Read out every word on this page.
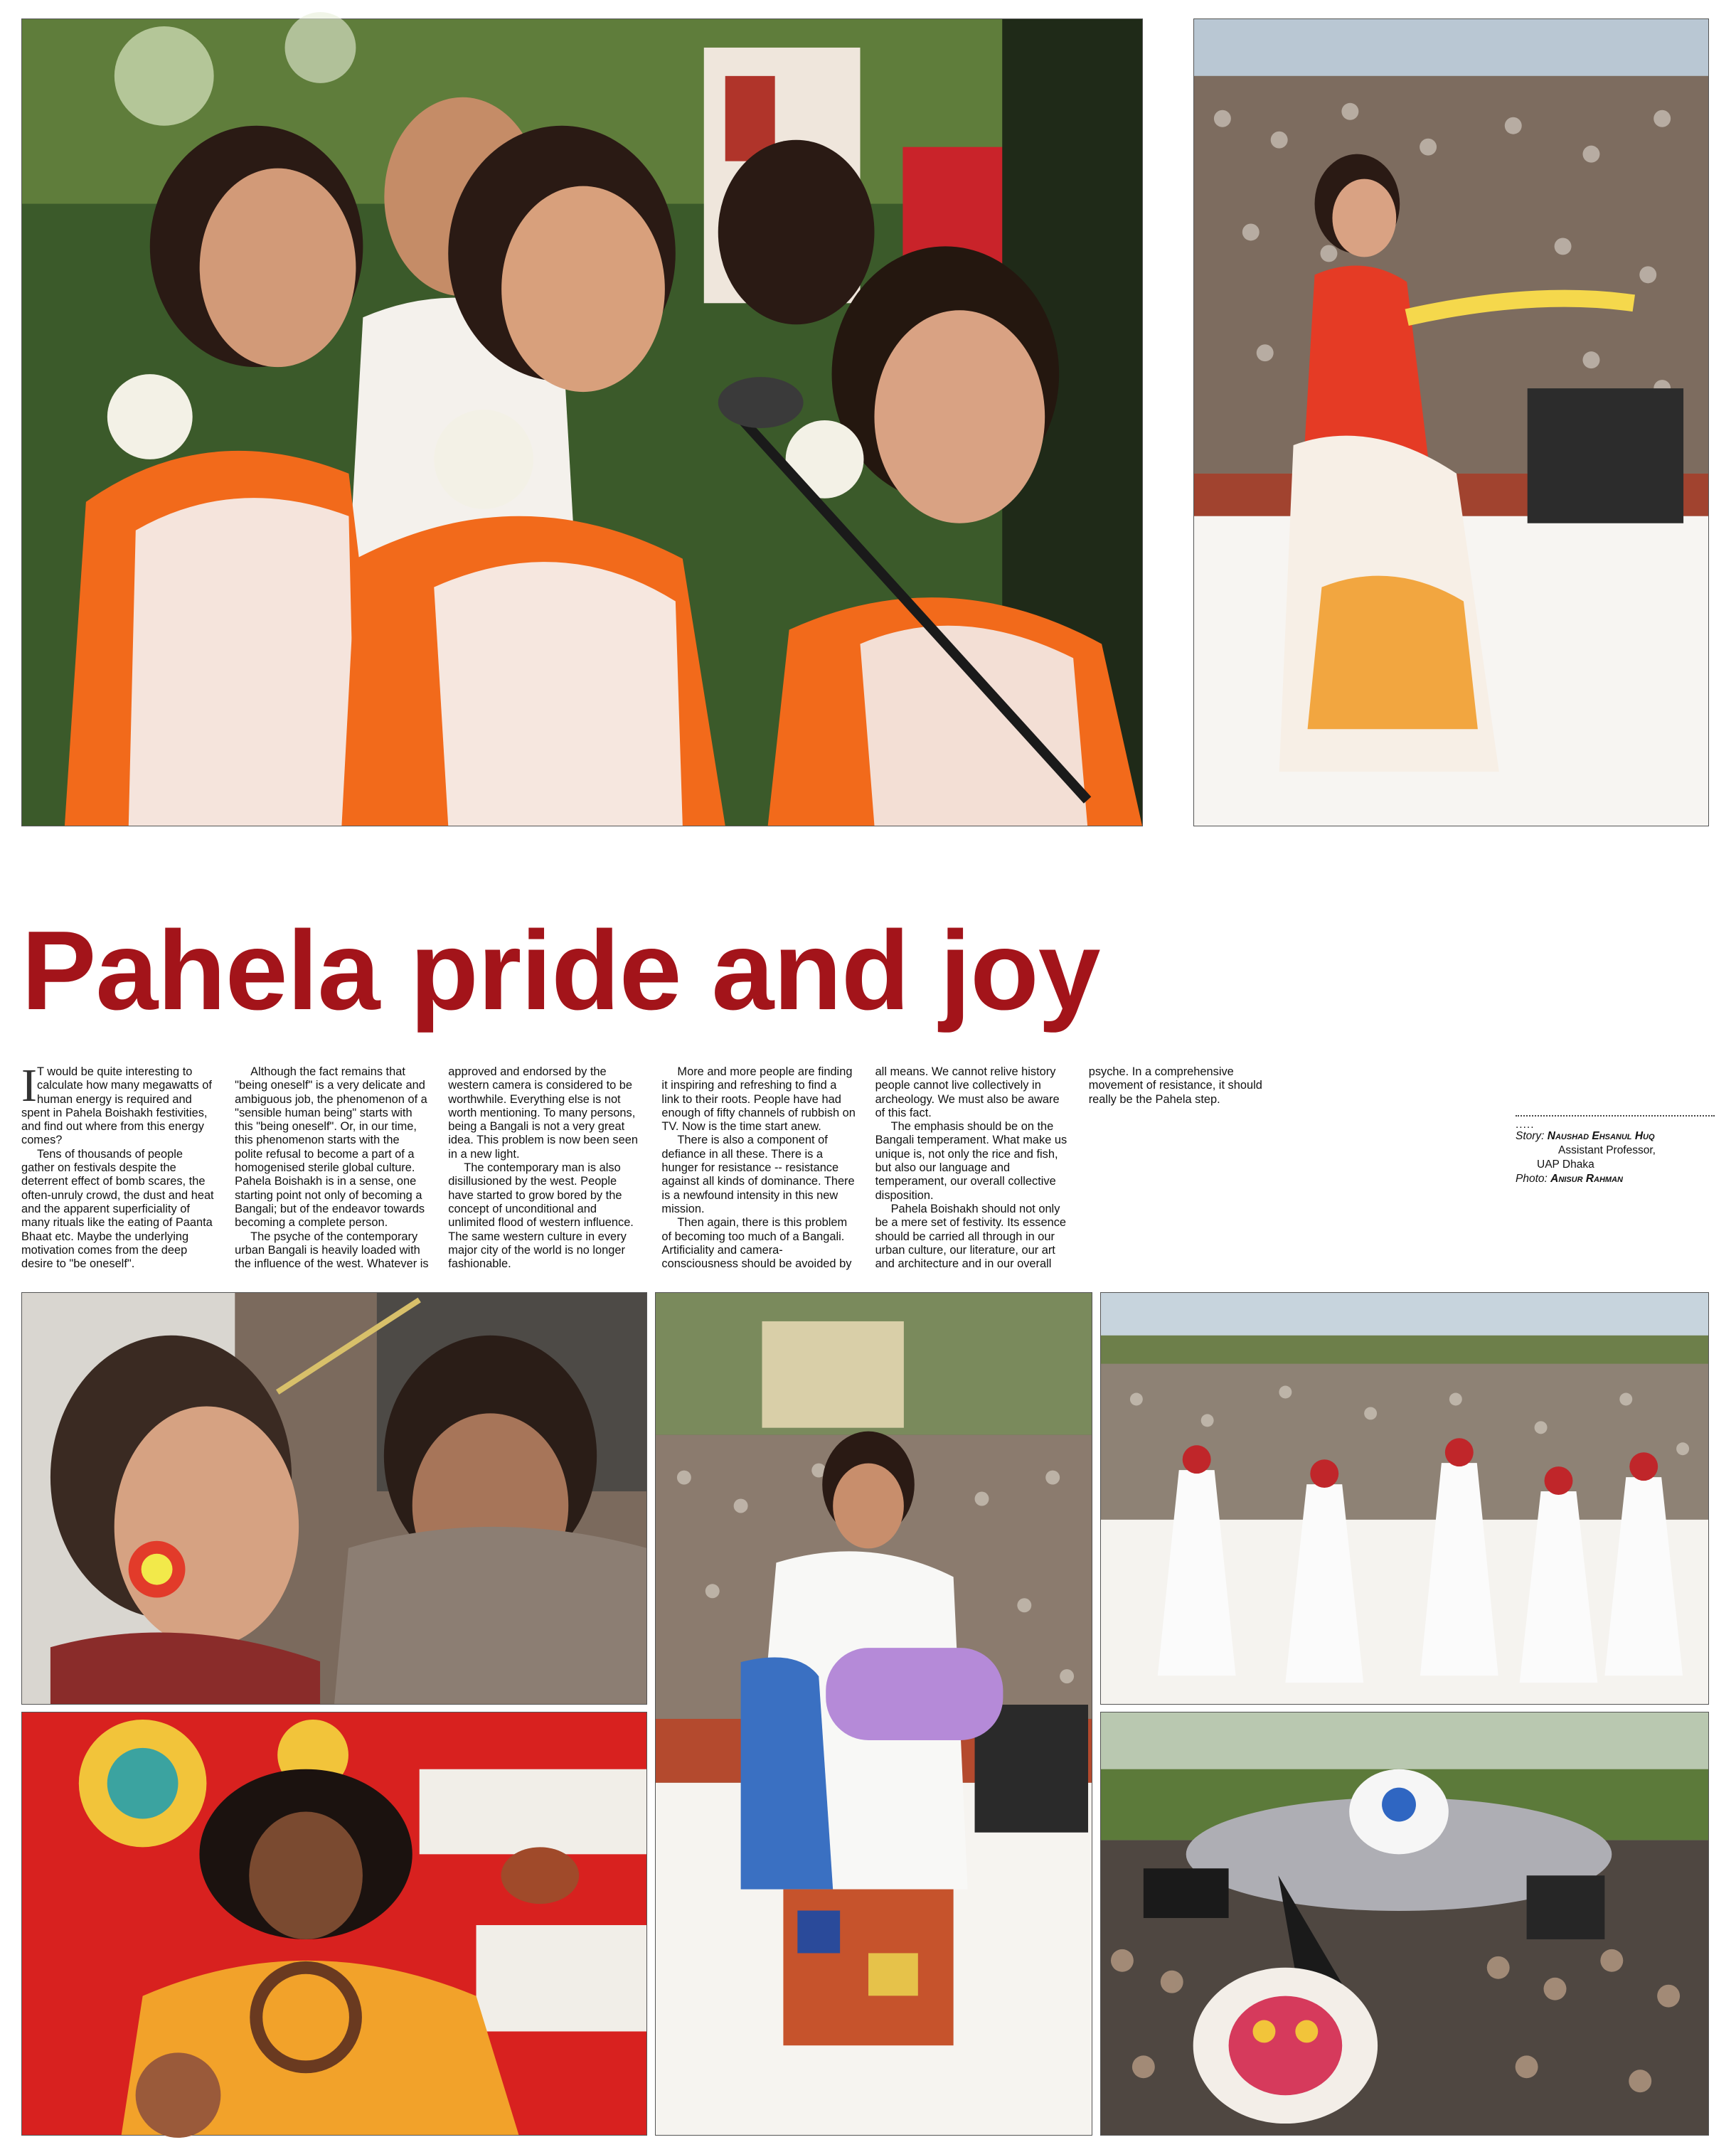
Pahela pride and joy

I T would be quite interesting to calculate how many megawatts of human energy is required and spent in Pahela Boishakh festivities, and find out where from this energy comes?

Tens of thousands of people gather on festivals despite the deterrent effect of bomb scares, the often-unruly crowd, the dust and heat and the apparent superficiality of many rituals like the eating of Paanta Bhaat etc. Maybe the underlying motivation comes from the deep desire to "be oneself".

Although the fact remains that "being oneself" is a very delicate and ambiguous job, the phenomenon of a "sensible human being" starts with this "being oneself". Or, in our time, this phenomenon starts with the polite refusal to become a part of a homogenised sterile global culture. Pahela Boishakh is in a sense, one starting point not only of becoming a Bangali; but of the endeavor towards becoming a complete person.

The psyche of the contemporary urban Bangali is heavily loaded with the influence of the west. Whatever is approved and endorsed by the western camera is considered to be worthwhile. Everything else is not worth mentioning. To many persons, being a Bangali is not a very great idea. This problem is now been seen in a new light.

The contemporary man is also disillusioned by the west. People have started to grow bored by the concept of unconditional and unlimited flood of western influence. The same western culture in every major city of the world is no longer fashionable.

More and more people are finding it inspiring and refreshing to find a link to their roots. People have had enough of fifty channels of rubbish on TV. Now is the time start anew.

There is also a component of defiance in all these. There is a hunger for resistance -- resistance against all kinds of dominance. There is a newfound intensity in this new mission.

Then again, there is this problem of becoming too much of a Bangali. Artificiality and camera-consciousness should be avoided by all means. We cannot relive history people cannot live collectively in archeology. We must also be aware of this fact.

The emphasis should be on the Bangali temperament. What make us unique is, not only the rice and fish, but also our language and temperament, our overall collective disposition.

Pahela Boishakh should not only be a mere set of festivity. Its essence should be carried all through in our urban culture, our literature, our art and architecture and in our overall psyche. In a comprehensive movement of resistance, it should really be the Pahela step.

.....
Story: Naushad Ehsanul Huq
Assistant Professor,
UAP Dhaka
Photo: Anisur Rahman
